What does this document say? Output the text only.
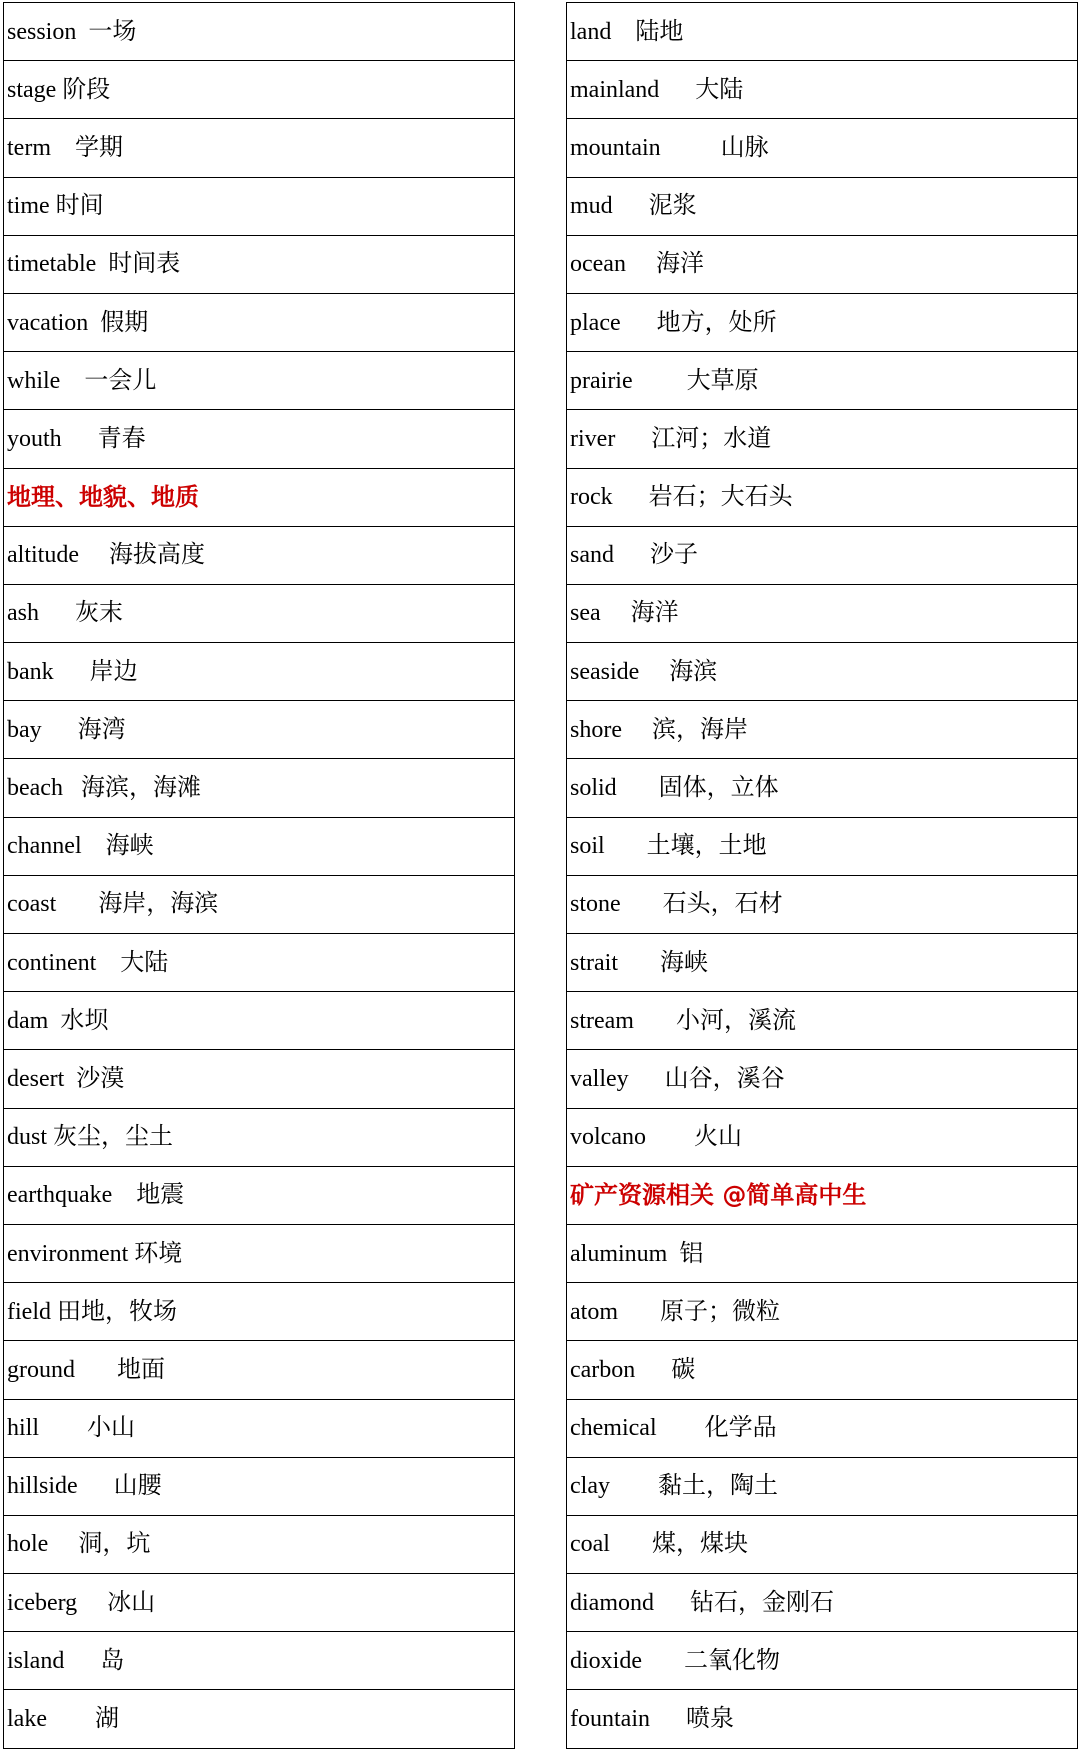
session  一场
stage 阶段
term    学期
time 时间
timetable  时间表
vacation  假期
while    一会儿
youth      青春
地理、地貌、地质
altitude     海拔高度
ash      灰末
bank      岸边
bay      海湾
beach   海滨，海滩
channel    海峡
coast       海岸，海滨
continent    大陆
dam  水坝
desert  沙漠
dust 灰尘，尘土
earthquake    地震
environment 环境
field 田地，牧场
ground       地面
hill        小山
hillside      山腰
hole     洞，坑
iceberg     冰山
island      岛
lake        湖
land    陆地
mainland      大陆
mountain          山脉
mud      泥浆
ocean     海洋
place      地方，处所
prairie         大草原
river      江河；水道
rock      岩石；大石头
sand      沙子
sea     海洋
seaside     海滨
shore     滨，海岸
solid       固体，立体
soil       土壤，土地
stone       石头，石材
strait       海峡
stream       小河，溪流
valley      山谷，溪谷
volcano        火山
矿产资源相关 @简单高中生
aluminum  铝
atom       原子；微粒
carbon      碳
chemical        化学品
clay        黏土，陶土
coal       煤，煤块
diamond      钻石，金刚石
dioxide       二氧化物
fountain      喷泉
